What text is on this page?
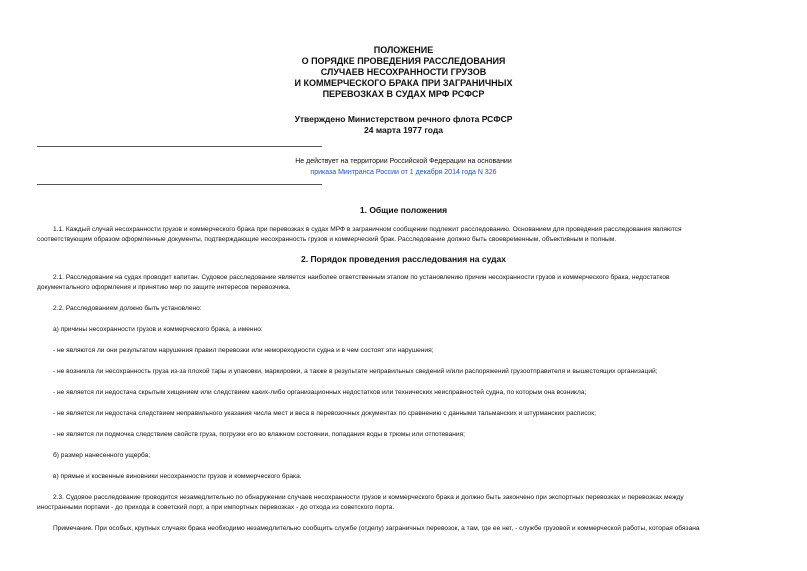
ПОЛОЖЕНИЕ
О ПОРЯДКЕ ПРОВЕДЕНИЯ РАССЛЕДОВАНИЯ
СЛУЧАЕВ НЕСОХРАННОСТИ ГРУЗОВ
И КОММЕРЧЕСКОГО БРАКА ПРИ ЗАГРАНИЧНЫХ
ПЕРЕВОЗКАХ В СУДАХ МРФ РСФСР
Утверждено Министерством речного флота РСФСР
24 марта 1977 года
Не действует на территории Российской Федерации на основании
приказа Минтранса России от 1 декабря 2014 года N 326
1. Общие положения
1.1. Каждый случай несохранности грузов и коммерческого брака при перевозках в судах МРФ в заграничном сообщении подлежит расследованию. Основанием для проведения расследования являются
соответствующим образом оформленные документы, подтверждающие несохранность грузов и коммерческий брак. Расследование должно быть своевременным, объективным и полным.
2. Порядок проведения расследования на судах
2.1. Расследование на судах проводит капитан. Судовое расследование является наиболее ответственным этапом по установлению причин несохранности грузов и коммерческого брака, недостатков
документального оформления и принятию мер по защите интересов перевозчика.
2.2. Расследованием должно быть установлено:
а) причины несохранности грузов и коммерческого брака, а именно:
- не являются ли они результатом нарушения правил перевозки или немореходности судна и в чем состоят эти нарушения;
- не возникла ли несохранность груза из-за плохой тары и упаковки, маркировки, а также в результате неправильных сведений и/или распоряжений грузоотправителя и вышестоящих организаций;
- не является ли недостача скрытым хищением или следствием каких-либо организационных недостатков или технических неисправностей судна, по которым она возникла;
- не является ли недостача следствием неправильного указания числа мест и веса в перевозочных документах по сравнению с данными тальманских и штурманских расписок;
- не является ли подмочка следствием свойств груза, погрузки его во влажном состоянии, попадания воды в трюмы или отпотевания;
б) размер нанесенного ущерба;
в) прямые и косвенные виновники несохранности грузов и коммерческого брака.
2.3. Судовое расследование проводится незамедлительно по обнаружении случаев несохранности грузов и коммерческого брака и должно быть закончено при экспортных перевозках и перевозках между
иностранными портами - до прихода в советский порт, а при импортных перевозках - до отхода из советского порта.
Примечание. При особых, крупных случаях брака необходимо незамедлительно сообщить службе (отделу) заграничных перевозок, а там, где ее нет, - службе грузовой и коммерческой работы, которая обязана
